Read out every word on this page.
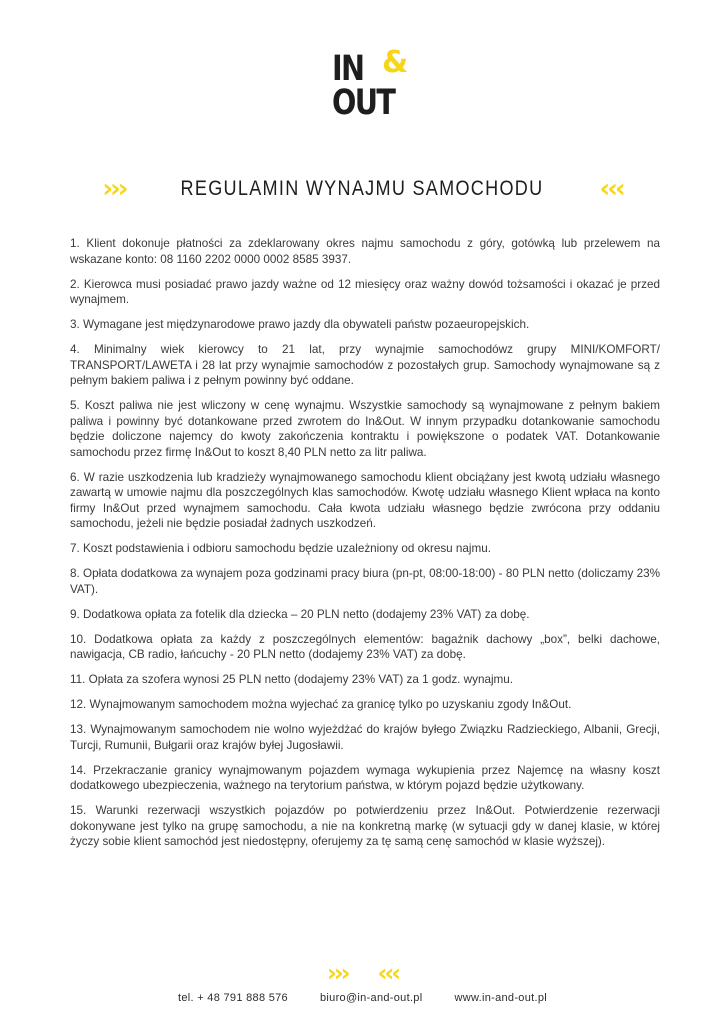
IN &
OUT
›››	REGULAMIN WYNAJMU SAMOCHODU ‹‹‹

1. Klient dokonuje płatności za zdeklarowany okres najmu samochodu z góry, gotówką lub przelewem na wskazane konto: 08 1160 2202 0000 0002 8585 3937.

2. Kierowca musi posiadać prawo jazdy ważne od 12 miesięcy oraz ważny dowód tożsamości i okazać je przed wynajmem.

3. Wymagane jest międzynarodowe prawo jazdy dla obywateli państw pozaeuropejskich.

4. Minimalny wiek kierowcy to 21 lat, przy wynajmie samochodówz grupy MINI/KOMFORT/ TRANSPORT/LAWETA i 28 lat przy wynajmie samochodów z pozostałych grup. Samochody wynajmowane są z pełnym bakiem paliwa i z pełnym powinny być oddane.

5. Koszt paliwa nie jest wliczony w cenę wynajmu. Wszystkie samochody są wynajmowane z pełnym bakiem paliwa i powinny być dotankowane przed zwrotem do In&Out. W innym przypadku dotankowanie samochodu będzie doliczone najemcy do kwoty zakończenia kontraktu i powiększone o podatek VAT. Dotankowanie samochodu przez firmę In&Out to koszt 8,40 PLN netto za litr paliwa.

6. W razie uszkodzenia lub kradzieży wynajmowanego samochodu klient obciążany jest kwotą udziału własnego zawartą w umowie najmu dla poszczególnych klas samochodów. Kwotę udziału własnego Klient wpłaca na konto firmy In&Out przed wynajmem samochodu. Cała kwota udziału własnego będzie zwrócona przy oddaniu samochodu, jeżeli nie będzie posiadał żadnych uszkodzeń.

7. Koszt podstawienia i odbioru samochodu będzie uzależniony od okresu najmu.

8. Opłata dodatkowa za wynajem poza godzinami pracy biura (pn-pt, 08:00-18:00) - 80 PLN netto (doliczamy 23% VAT).

9. Dodatkowa opłata za fotelik dla dziecka – 20 PLN netto (dodajemy 23% VAT) za dobę.

10. Dodatkowa opłata za każdy z poszczególnych elementów: bagażnik dachowy „box”, belki dachowe, nawigacja, CB radio, łańcuchy - 20 PLN netto (dodajemy 23% VAT) za dobę.

11. Opłata za szofera wynosi 25 PLN netto (dodajemy 23% VAT) za 1 godz. wynajmu.

12. Wynajmowanym samochodem można wyjechać za granicę tylko po uzyskaniu zgody In&Out.

13. Wynajmowanym samochodem nie wolno wyjeżdżać do krajów byłego Związku Radzieckiego, Albanii, Grecji, Turcji, Rumunii, Bułgarii oraz krajów byłej Jugosławii.

14. Przekraczanie granicy wynajmowanym pojazdem wymaga wykupienia przez Najemcę na własny koszt dodatkowego ubezpieczenia, ważnego na terytorium państwa, w którym pojazd będzie użytkowany.

15. Warunki rezerwacji wszystkich pojazdów po potwierdzeniu przez In&Out. Potwierdzenie rezerwacji dokonywane jest tylko na grupę samochodu, a nie na konkretną markę (w sytuacji gdy w danej klasie, w której życzy sobie klient samochód jest niedostępny, oferujemy za tę samą cenę samochód w klasie wyższej).

››› ‹‹‹
tel. + 48 791 888 576	biuro@in-and-out.pl	www.in-and-out.pl
